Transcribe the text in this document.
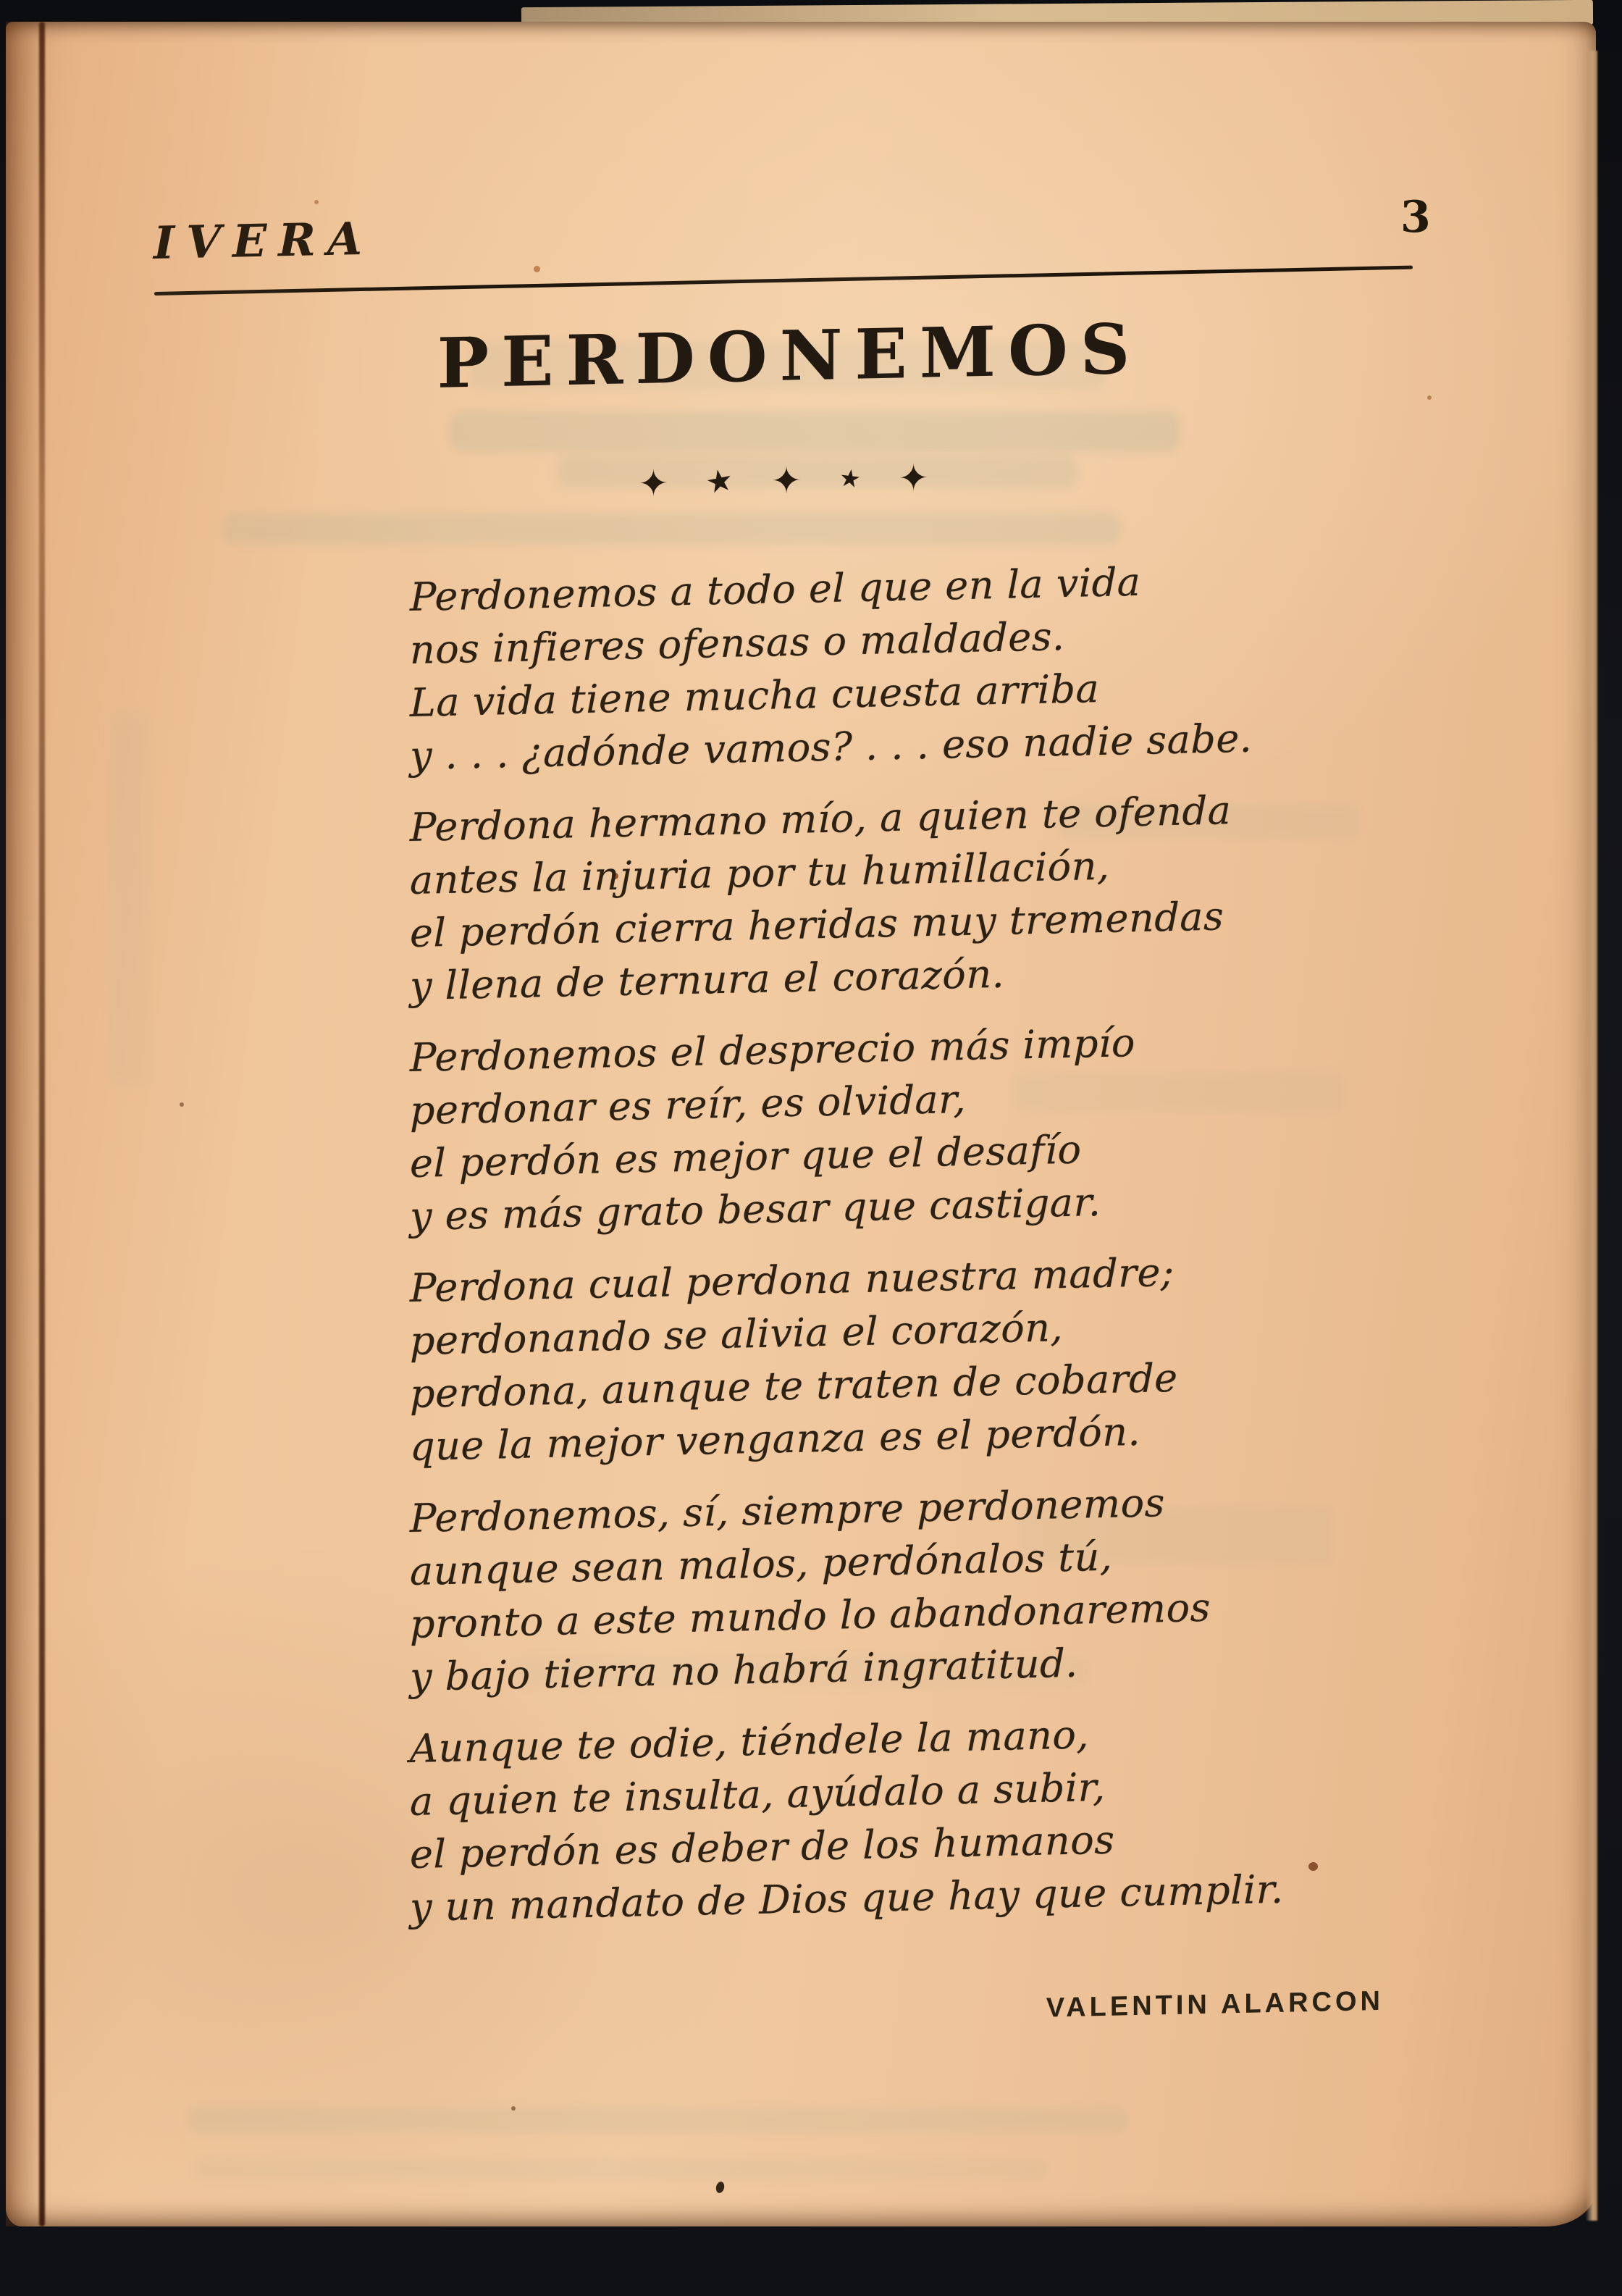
IVERA	3
PERDONEMOS
✦ ★ ✦ ★ ✦
Perdonemos a todo el que en la vida
nos infieres ofensas o maldades.
La vida tiene mucha cuesta arriba
y . . . ¿adónde vamos? . . . eso nadie sabe.
Perdona hermano mío, a quien te ofenda
antes la injuria por tu humillación,
el perdón cierra heridas muy tremendas
y llena de ternura el corazón.
Perdonemos el desprecio más impío
perdonar es reír, es olvidar,
el perdón es mejor que el desafío
y es más grato besar que castigar.
Perdona cual perdona nuestra madre;
perdonando se alivia el corazón,
perdona, aunque te traten de cobarde
que la mejor venganza es el perdón.
Perdonemos, sí, siempre perdonemos
aunque sean malos, perdónalos tú,
pronto a este mundo lo abandonaremos
y bajo tierra no habrá ingratitud.
Aunque te odie, tiéndele la mano,
a quien te insulta, ayúdalo a subir,
el perdón es deber de los humanos
y un mandato de Dios que hay que cumplir.
VALENTIN ALARCON
